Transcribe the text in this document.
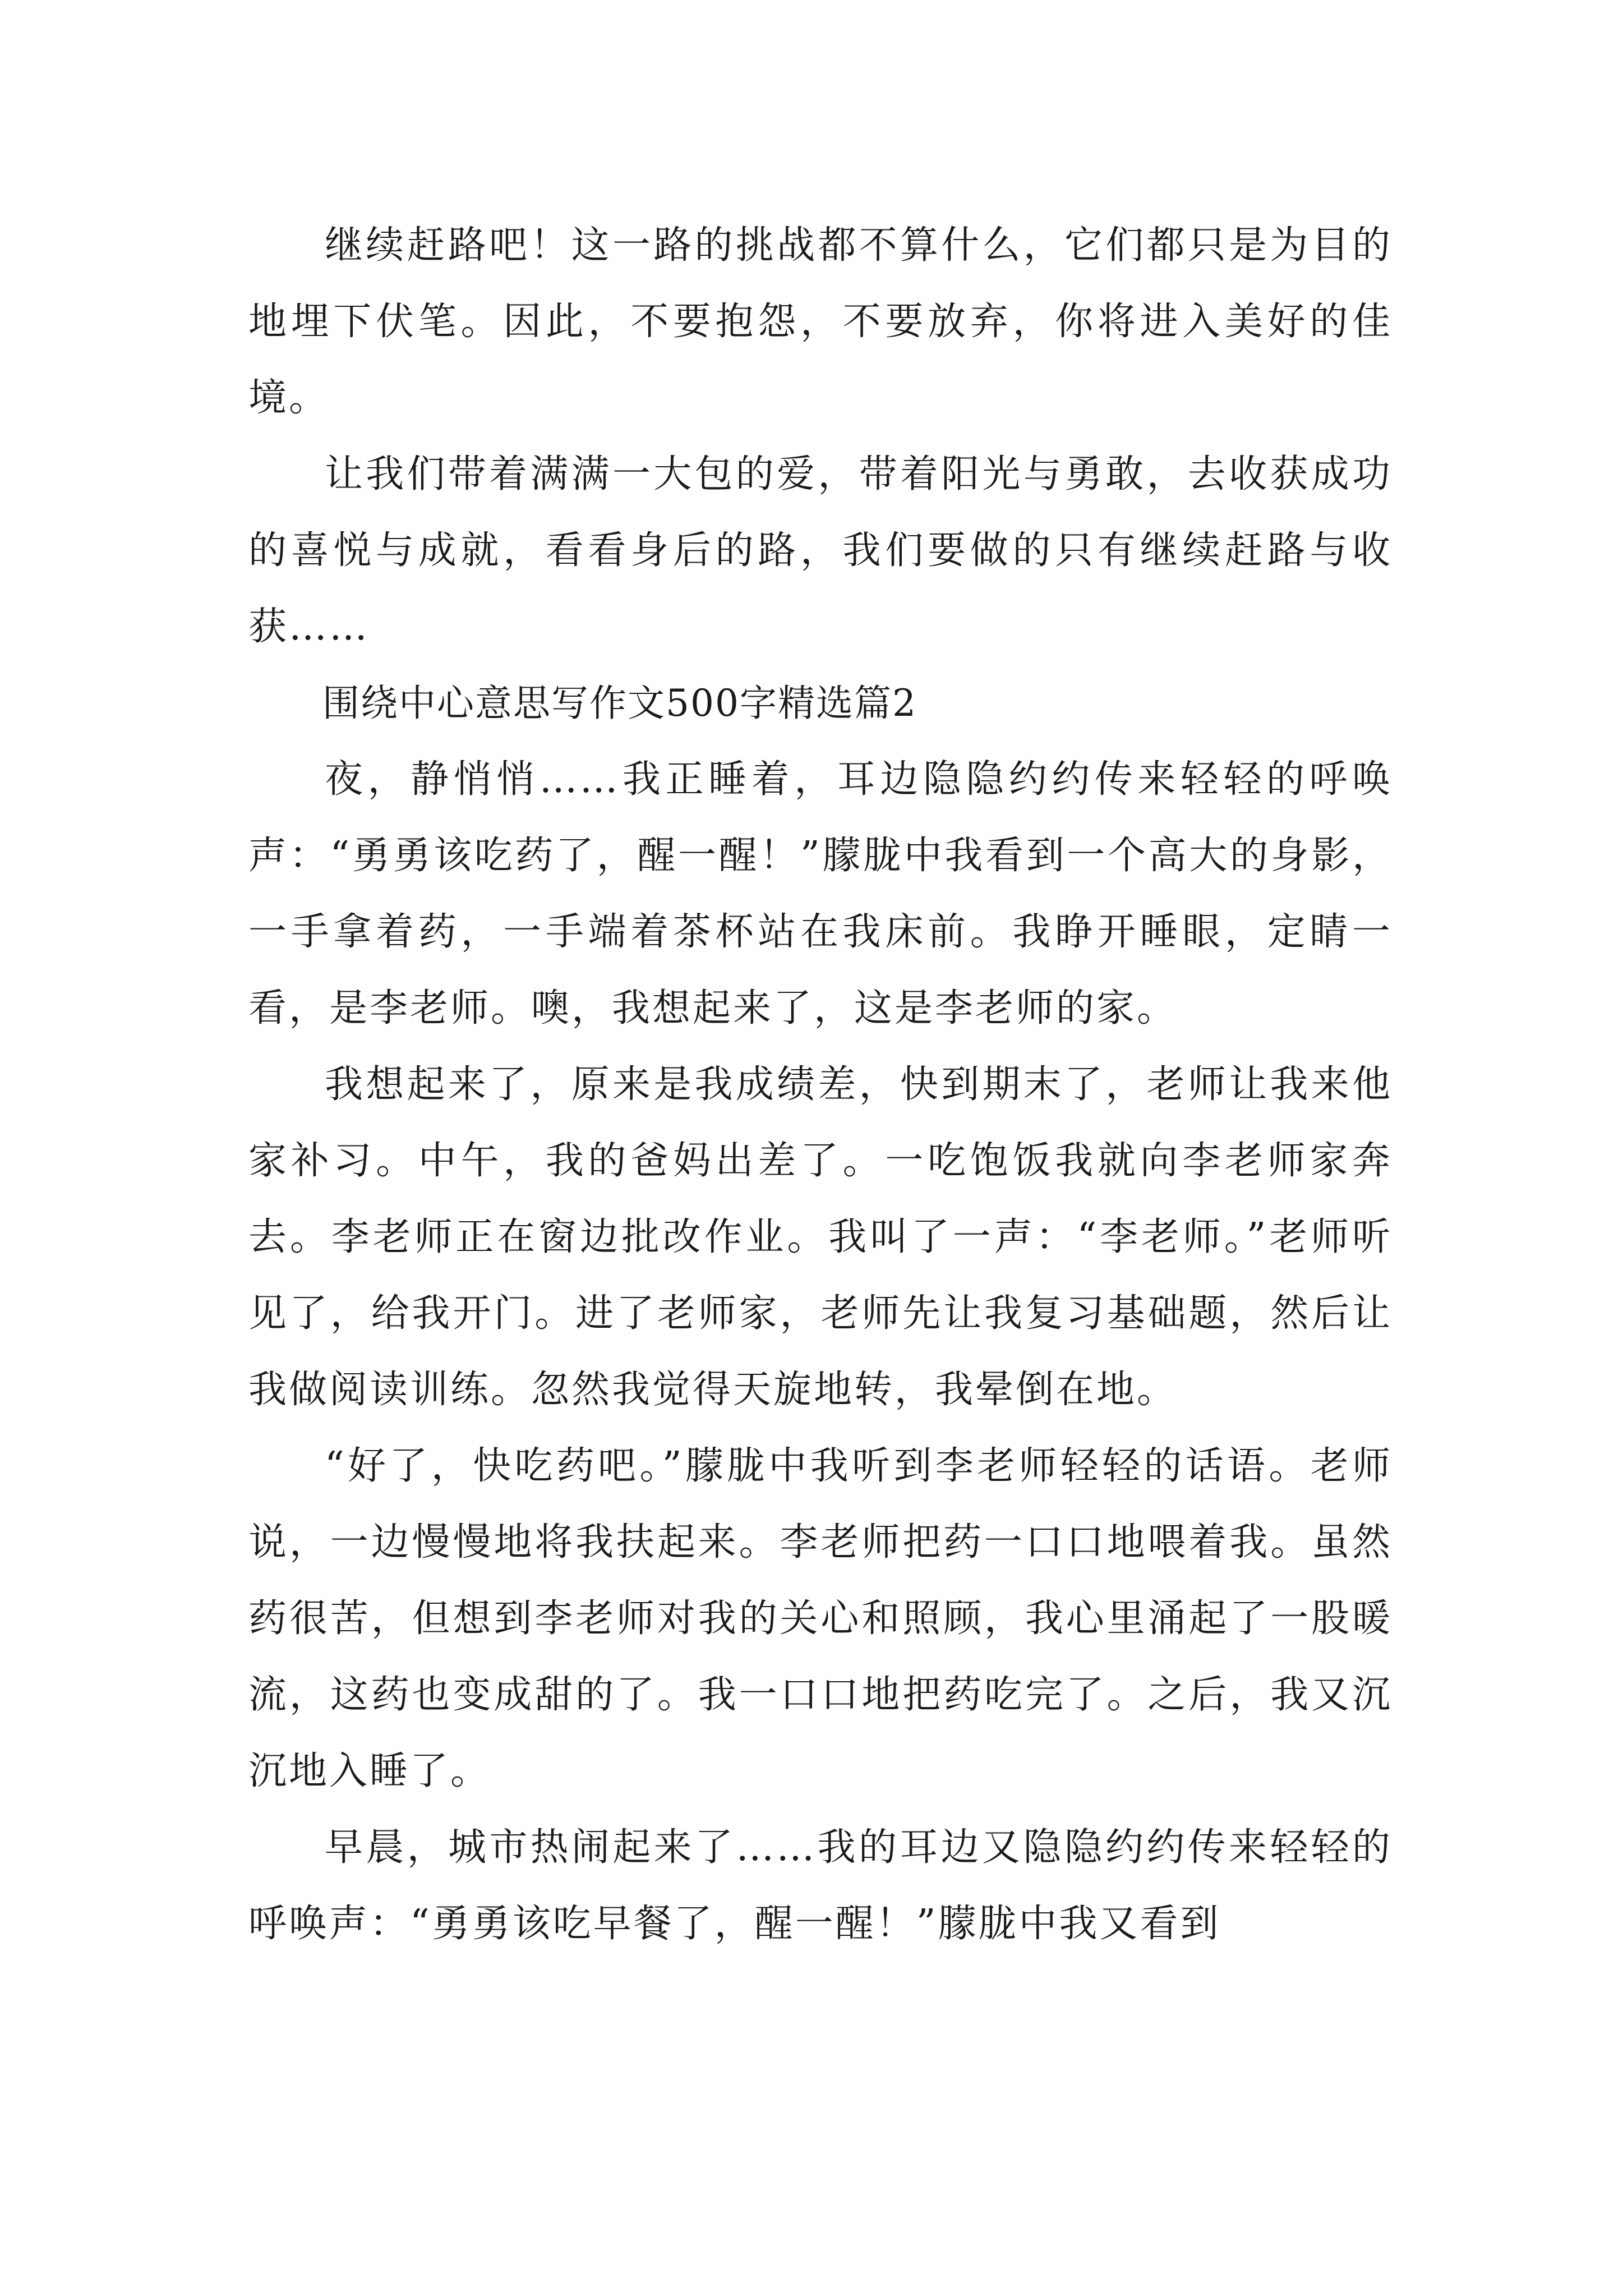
继续赶路吧！这一路的挑战都不算什么，它们都只是为目的地埋下伏笔。因此，不要抱怨，不要放弃，你将进入美好的佳境。

让我们带着满满一大包的爱，带着阳光与勇敢，去收获成功的喜悦与成就，看看身后的路，我们要做的只有继续赶路与收获……

围绕中心意思写作文500字精选篇2

夜，静悄悄……我正睡着，耳边隐隐约约传来轻轻的呼唤声：“勇勇该吃药了，醒一醒！”朦胧中我看到一个高大的身影，一手拿着药，一手端着茶杯站在我床前。我睁开睡眼，定睛一看，是李老师。噢，我想起来了，这是李老师的家。

我想起来了，原来是我成绩差，快到期末了，老师让我来他家补习。中午，我的爸妈出差了。一吃饱饭我就向李老师家奔去。李老师正在窗边批改作业。我叫了一声：“李老师。”老师听见了，给我开门。进了老师家，老师先让我复习基础题，然后让我做阅读训练。忽然我觉得天旋地转，我晕倒在地。

“好了，快吃药吧。”朦胧中我听到李老师轻轻的话语。老师说，一边慢慢地将我扶起来。李老师把药一口口地喂着我。虽然药很苦，但想到李老师对我的关心和照顾，我心里涌起了一股暖流，这药也变成甜的了。我一口口地把药吃完了。之后，我又沉沉地入睡了。

早晨，城市热闹起来了……我的耳边又隐隐约约传来轻轻的呼唤声：“勇勇该吃早餐了，醒一醒！”朦胧中我又看到
